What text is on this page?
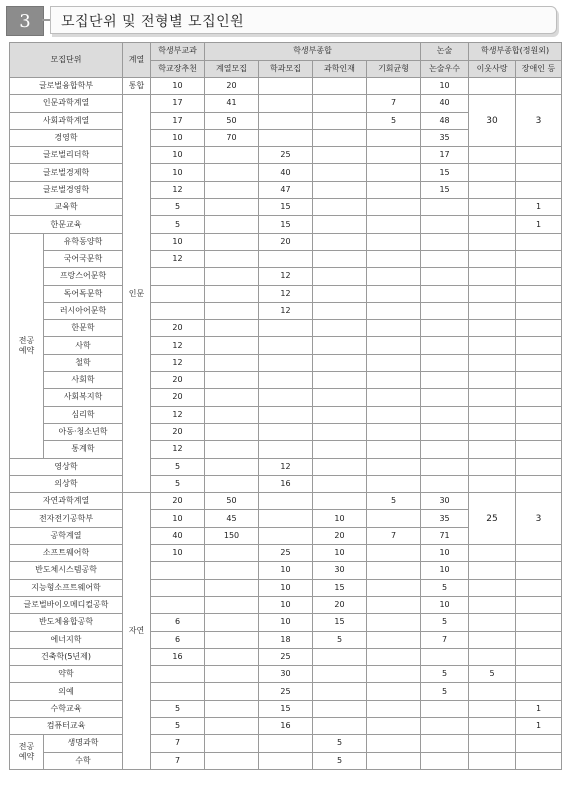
3	모집단위 및 전형별 모집인원
모집단위		계열	학생부교과	학생부종합				논술	학생부종합(정원외)	
			학교장추천	계열모집	학과모집	과학인재	기회균형	논술우수	이웃사랑	장애인 등
글로벌융합학부		통합	10	20				10		
인문과학계열		인문	17	41			7	40	30	3
사회과학계열			17	50			5	48		
경영학			10	70				35		
글로벌리더학			10		25			17		
글로벌경제학			10		40			15		
글로벌경영학			12		47			15		
교육학			5		15					1
한문교육			5		15					1
전공
예약	유학동양학		10		20					
	국어국문학		12							
	프랑스어문학				12					
	독어독문학				12					
	러시아어문학				12					
	한문학		20							
	사학		12							
	철학		12							
	사회학		20							
	사회복지학		20							
	심리학		12							
	아동·청소년학		20							
	통계학		12							
영상학			5		12					
의상학			5		16					
자연과학계열		자연	20	50			5	30	25	3
전자전기공학부			10	45		10		35		
공학계열			40	150		20	7	71		
소프트웨어학			10		25	10		10		
반도체시스템공학					10	30		10		
지능형소프트웨어학					10	15		5		
글로벌바이오메디컬공학					10	20		10		
반도체융합공학			6		10	15		5		
에너지학			6		18	5		7		
건축학(5년제)			16		25					
약학					30			5	5	
의예					25			5		
수학교육			5		15					1
컴퓨터교육			5		16					1
전공
예약	생명과학		7			5				
	수학		7			5				
